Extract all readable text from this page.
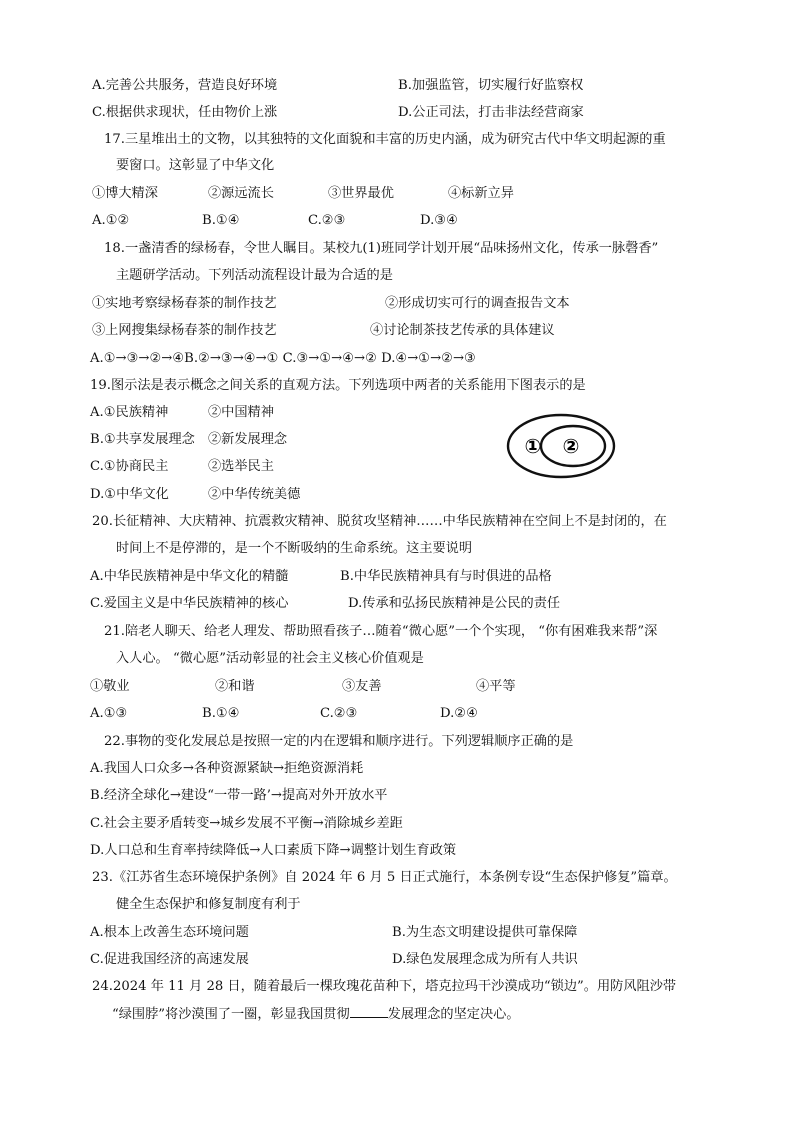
A.完善公共服务，营造良好环境	B.加强监管，切实履行好监察权
C.根据供求现状，任由物价上涨	D.公正司法，打击非法经营商家
17.三星堆出土的文物，以其独特的文化面貌和丰富的历史内涵，成为研究古代中华文明起源的重
要窗口。这彰显了中华文化
①博大精深	②源远流长	③世界最优	④标新立异
A.①②	B.①④	C.②③	D.③④
18.一盏清香的绿杨春，令世人瞩目。某校九(1)班同学计划开展“品味扬州文化，传承一脉磬香”
主题研学活动。下列活动流程设计最为合适的是
①实地考察绿杨春茶的制作技艺	②形成切实可行的调查报告文本
③上网搜集绿杨春茶的制作技艺	④讨论制茶技艺传承的具体建议
A.①→③→②→④B.②→③→④→① C.③→①→④→② D.④→①→②→③
19.图示法是表示概念之间关系的直观方法。下列选项中两者的关系能用下图表示的是
A.①民族精神	②中国精神
B.①共享发展理念 ②新发展理念
C.①协商民主	②选举民主
D.①中华文化	②中华传统美德
① ②
20.长征精神、大庆精神、抗震救灾精神、脱贫攻坚精神……中华民族精神在空间上不是封闭的，在
时间上不是停滞的，是一个不断吸纳的生命系统。这主要说明
A.中华民族精神是中华文化的精髓	B.中华民族精神具有与时俱进的品格
C.爱国主义是中华民族精神的核心	D.传承和弘扬民族精神是公民的责任
21.陪老人聊天、给老人理发、帮助照看孩子…随着“微心愿”一个个实现， “你有困难我来帮”深
入人心。 “微心愿”活动彰显的社会主义核心价值观是
①敬业	②和谐	③友善	④平等
A.①③	B.①④	C.②③	D.②④
22.事物的变化发展总是按照一定的内在逻辑和顺序进行。下列逻辑顺序正确的是
A.我国人口众多→各种资源紧缺→拒绝资源消耗
B.经济全球化→建设“一带一路’→提高对外开放水平
C.社会主要矛盾转变→城乡发展不平衡→消除城乡差距
D.人口总和生育率持续降低→人口素质下降→调整计划生育政策
23.《江苏省生态环境保护条例》自 2024 年 6 月 5 日正式施行，本条例专设“生态保护修复”篇章。
健全生态保护和修复制度有利于
A.根本上改善生态环境问题	B.为生态文明建设提供可靠保障
C.促进我国经济的高速发展	D.绿色发展理念成为所有人共识
24.2024 年 11 月 28 日，随着最后一棵玫瑰花苗种下，塔克拉玛干沙漠成功“锁边”。用防风阻沙带
“绿围脖”将沙漠围了一圈，彰显我国贯彻	发展理念的坚定决心。
